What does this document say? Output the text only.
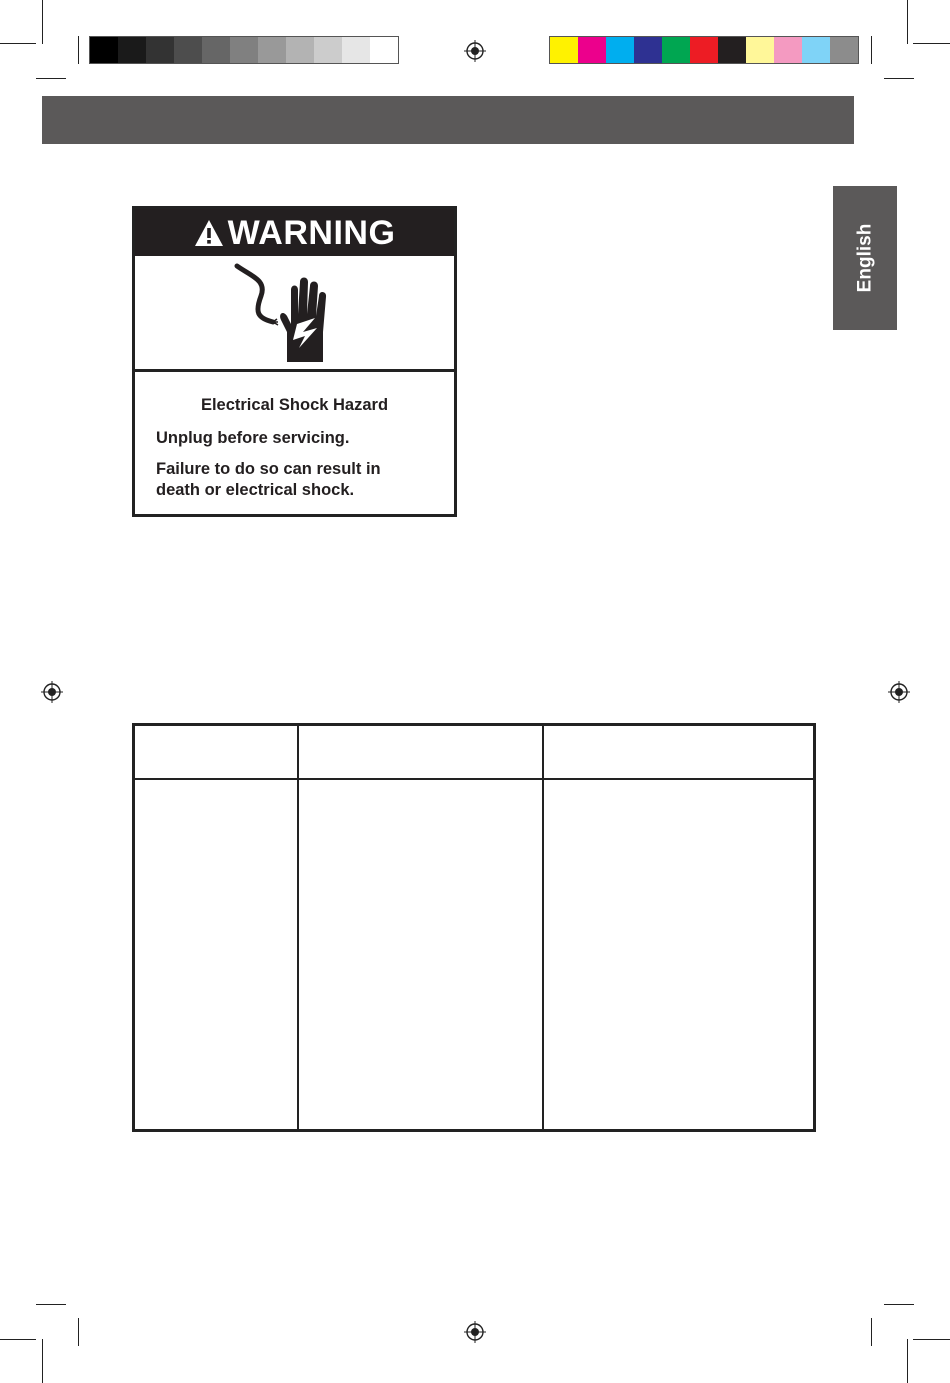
English
WARNING
Electrical Shock Hazard
Unplug before servicing.
Failure to do so can result in
death or electrical shock.
